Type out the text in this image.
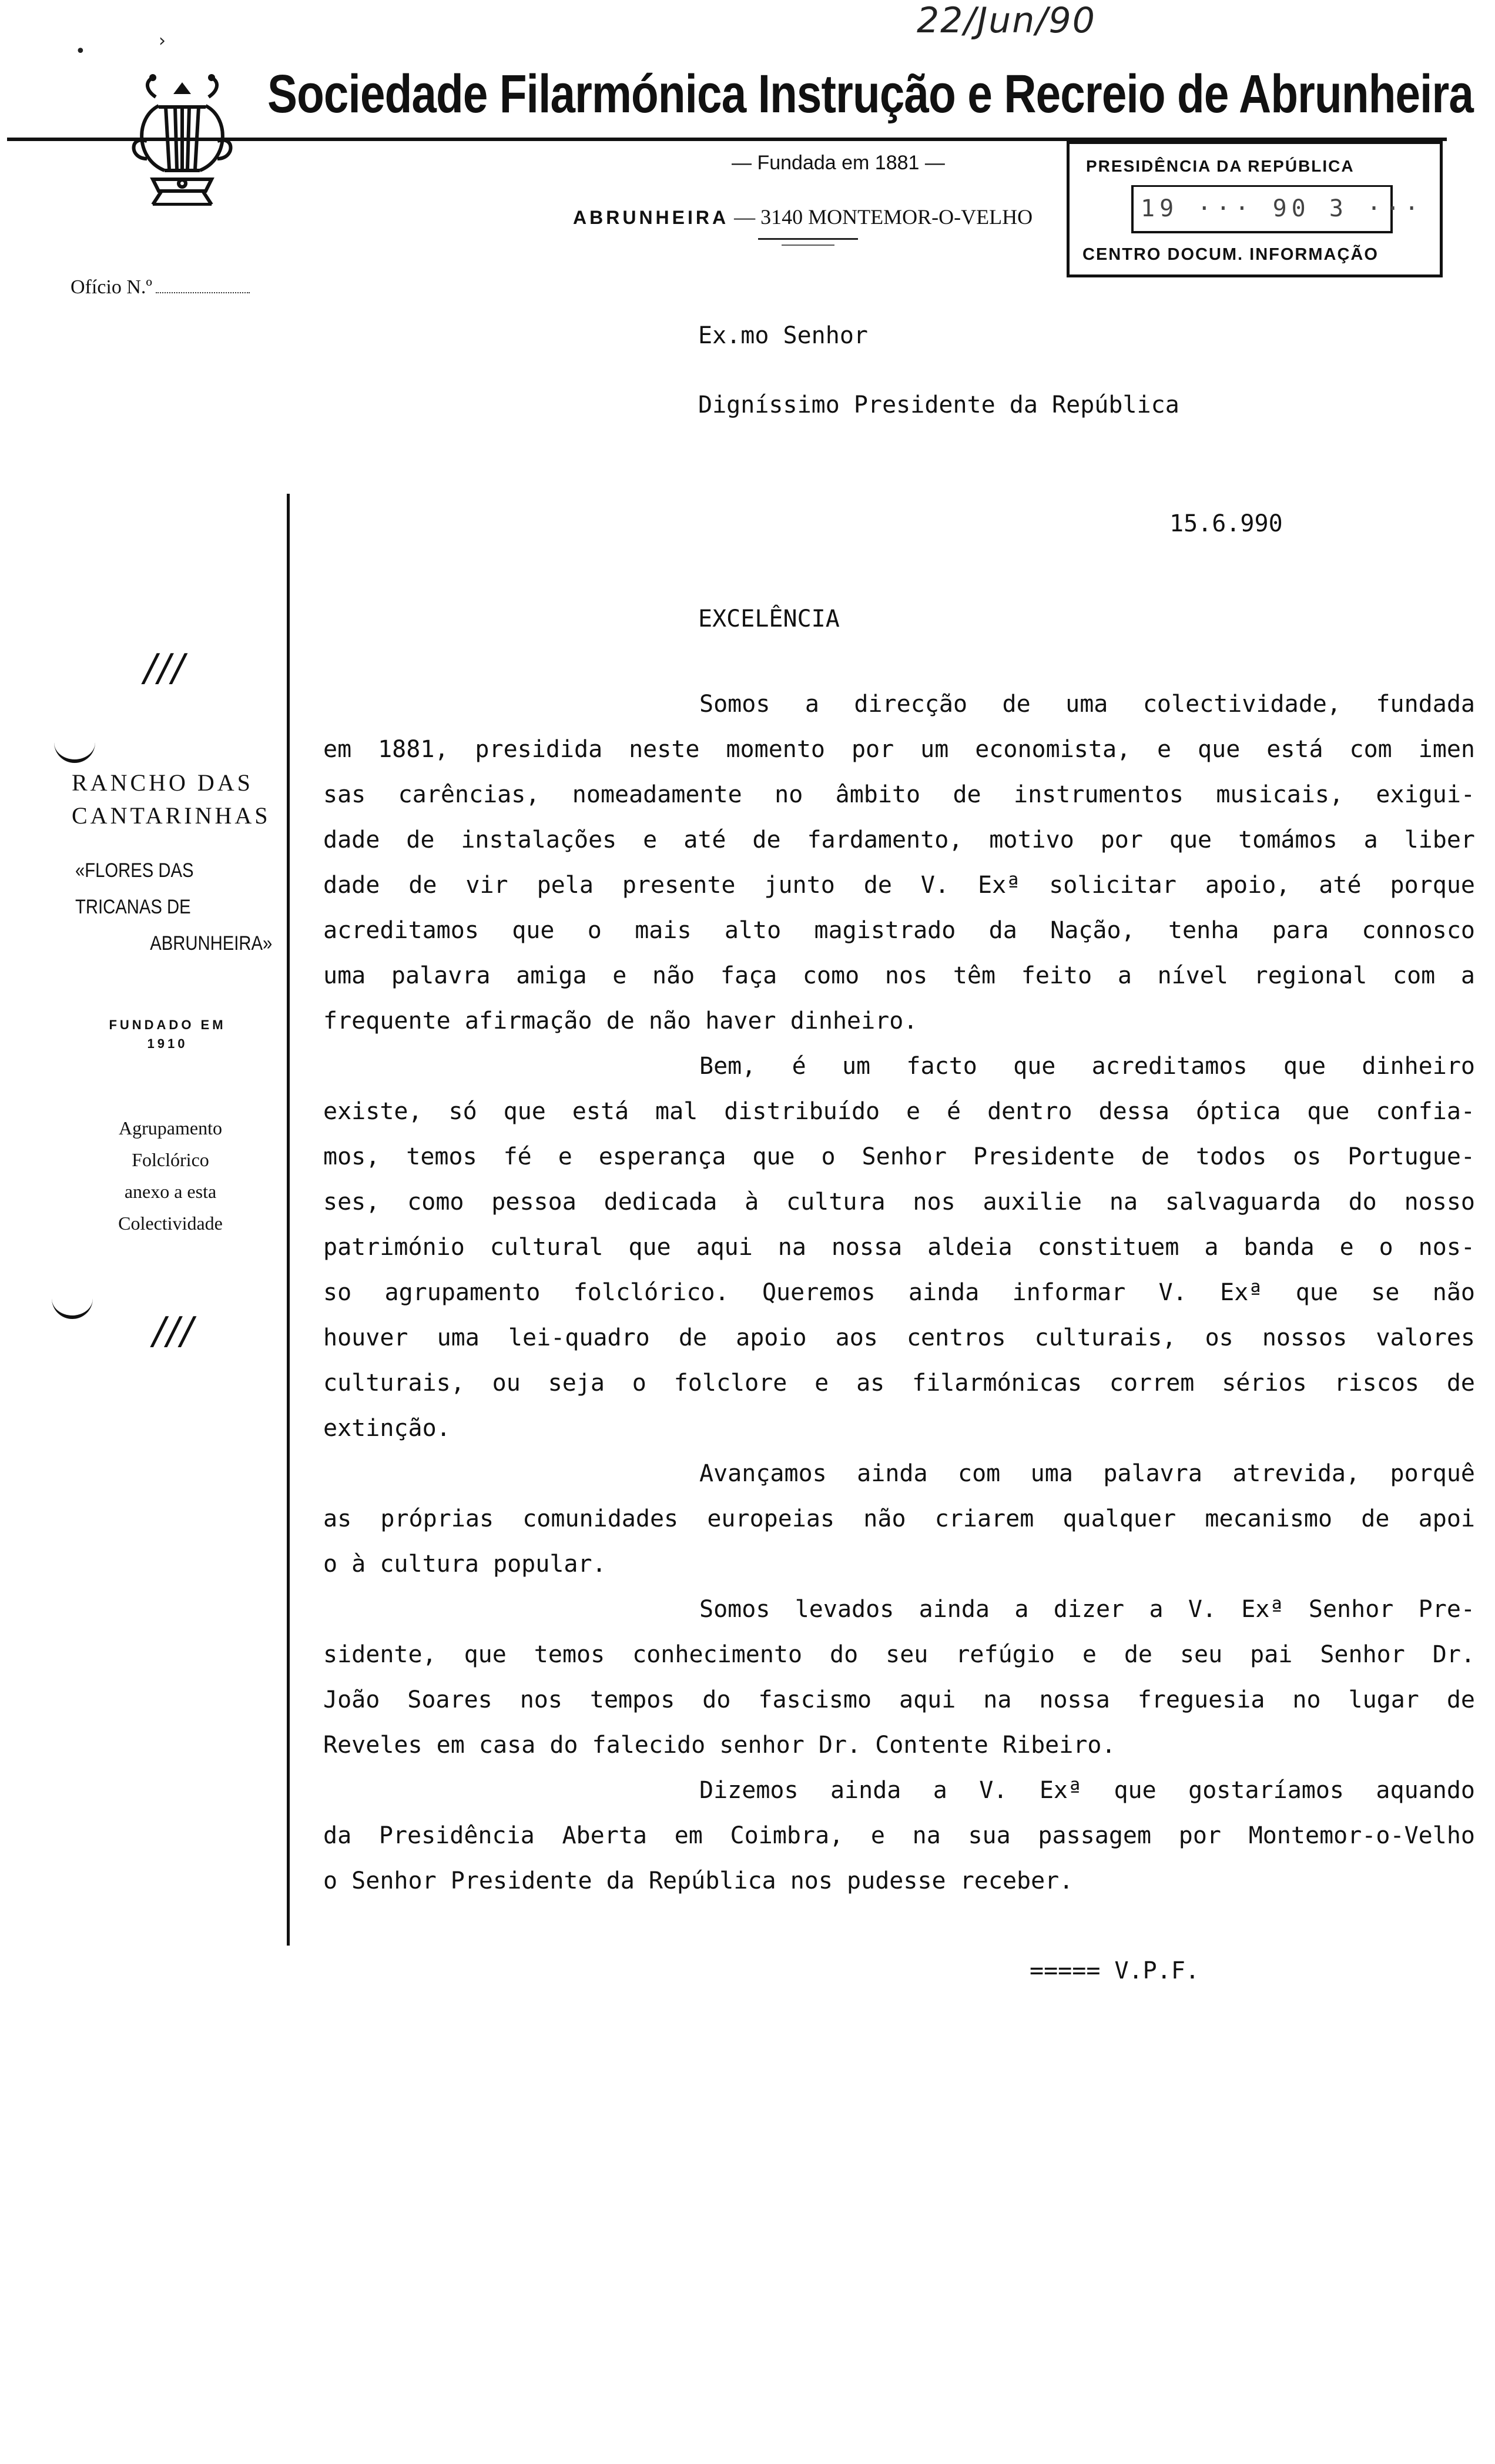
22/Jun/90
•
›
Sociedade Filarmónica Instrução e Recreio de Abrunheira
— Fundada em 1881 —
ABRUNHEIRA — 3140 MONTEMOR-O-VELHO
PRESIDÊNCIA DA REPÚBLICA
19 ··· 90 3 ···
CENTRO DOCUM. INFORMAÇÃO
Ofício N.º
///
RANCHO DAS
CANTARINHAS
«FLORES DAS
TRICANAS DE
ABRUNHEIRA»
FUNDADO EM
1910
Agrupamento
Folclórico
anexo a esta
Colectividade
///
Ex.mo Senhor
Digníssimo Presidente da República
15.6.990
EXCELÊNCIA
Somos a direcção de uma colectividade, fundada
em 1881, presidida neste momento por um economista, e que está com imen
sas carências, nomeadamente no âmbito de instrumentos musicais, exigui-
dade de instalações e até de fardamento, motivo por que tomámos a liber
dade de vir pela presente junto de V. Exª solicitar apoio, até porque
acreditamos que o mais alto magistrado da Nação, tenha para connosco
uma palavra amiga e não faça como nos têm feito a nível regional com a
frequente afirmação de não haver dinheiro.
Bem, é um facto que acreditamos que dinheiro
existe, só que está mal distribuído e é dentro dessa óptica que confia-
mos, temos fé e esperança que o Senhor Presidente de todos os Portugue-
ses, como pessoa dedicada à cultura nos auxilie na salvaguarda do nosso
património cultural que aqui na nossa aldeia constituem a banda e o nos-
so agrupamento folclórico. Queremos ainda informar V. Exª que se não
houver uma lei-quadro de apoio aos centros culturais, os nossos valores
culturais, ou seja o folclore e as filarmónicas correm sérios riscos de
extinção.
Avançamos ainda com uma palavra atrevida, porquê
as próprias comunidades europeias não criarem qualquer mecanismo de apoi
o à cultura popular.
Somos levados ainda a dizer a V. Exª Senhor Pre-
sidente, que temos conhecimento do seu refúgio e de seu pai Senhor Dr.
João Soares nos tempos do fascismo aqui na nossa freguesia no lugar de
Reveles em casa do falecido senhor Dr. Contente Ribeiro.
Dizemos ainda a V. Exª que gostaríamos aquando
da Presidência Aberta em Coimbra, e na sua passagem por Montemor-o-Velho
o Senhor Presidente da República nos pudesse receber.
===== V.P.F.
